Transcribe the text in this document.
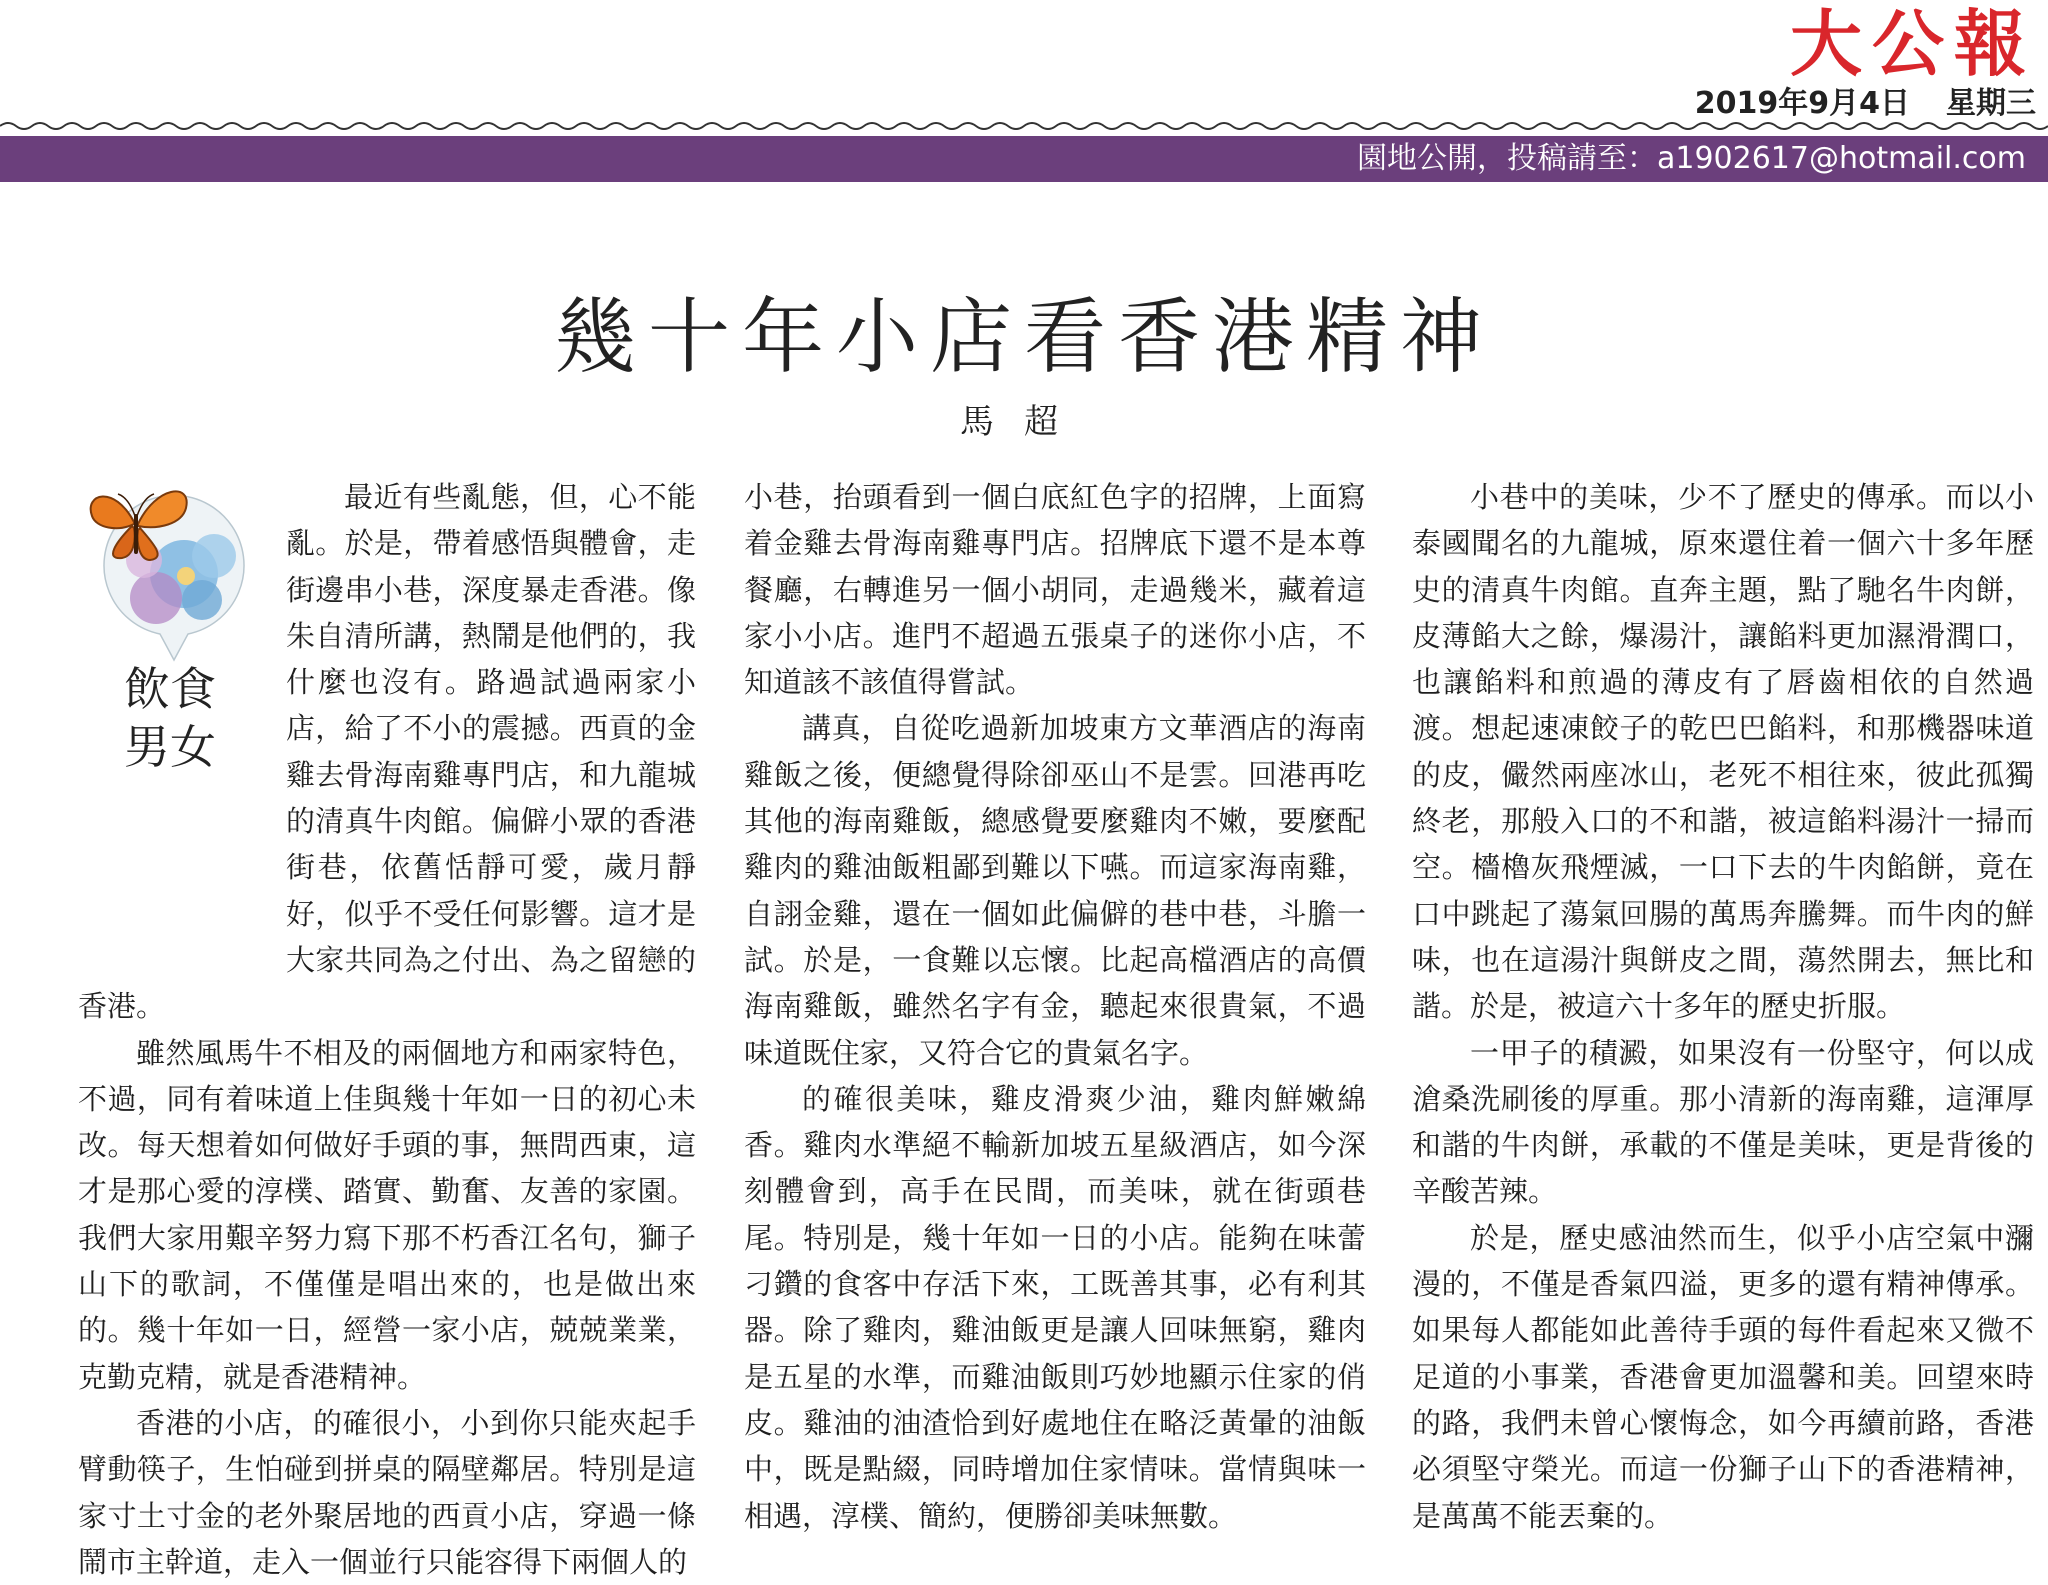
大公報
2019年9月4日 星期三
園地公開，投稿請至：a1902617@hotmail.com
幾十年小店看香港精神
馬超
飲食
男女

最近有些亂態，但，心不能亂。於是，帶着感悟與體會，走街邊串小巷，深度暴走香港。像朱自清所講，熱鬧是他們的，我什麼也沒有。路過試過兩家小店，給了不小的震撼。西貢的金雞去骨海南雞專門店，和九龍城的清真牛肉館。偏僻小眾的香港街巷，依舊恬靜可愛，歲月靜好，似乎不受任何影響。這才是大家共同為之付出、為之留戀的香港。

雖然風馬牛不相及的兩個地方和兩家特色，不過，同有着味道上佳與幾十年如一日的初心未改。每天想着如何做好手頭的事，無問西東，這才是那心愛的淳樸、踏實、勤奮、友善的家園。我們大家用艱辛努力寫下那不朽香江名句，獅子山下的歌詞，不僅僅是唱出來的，也是做出來的。幾十年如一日，經營一家小店，兢兢業業，克勤克精，就是香港精神。

香港的小店，的確很小，小到你只能夾起手臂動筷子，生怕碰到拼桌的隔壁鄰居。特別是這家寸土寸金的老外聚居地的西貢小店，穿過一條鬧市主幹道，走入一個並行只能容得下兩個人的

小巷，抬頭看到一個白底紅色字的招牌，上面寫着金雞去骨海南雞專門店。招牌底下還不是本尊餐廳，右轉進另一個小胡同，走過幾米，藏着這家小小店。進門不超過五張桌子的迷你小店，不知道該不該值得嘗試。

講真，自從吃過新加坡東方文華酒店的海南雞飯之後，便總覺得除卻巫山不是雲。回港再吃其他的海南雞飯，總感覺要麼雞肉不嫩，要麼配雞肉的雞油飯粗鄙到難以下嚥。而這家海南雞，自詡金雞，還在一個如此偏僻的巷中巷，斗膽一試。於是，一食難以忘懷。比起高檔酒店的高價海南雞飯，雖然名字有金，聽起來很貴氣，不過味道既住家，又符合它的貴氣名字。

的確很美味，雞皮滑爽少油，雞肉鮮嫩綿香。雞肉水準絕不輸新加坡五星級酒店，如今深刻體會到，高手在民間，而美味，就在街頭巷尾。特別是，幾十年如一日的小店。能夠在味蕾刁鑽的食客中存活下來，工既善其事，必有利其器。除了雞肉，雞油飯更是讓人回味無窮，雞肉是五星的水準，而雞油飯則巧妙地顯示住家的俏皮。雞油的油渣恰到好處地住在略泛黃暈的油飯中，既是點綴，同時增加住家情味。當情與味一相遇，淳樸、簡約，便勝卻美味無數。

小巷中的美味，少不了歷史的傳承。而以小泰國聞名的九龍城，原來還住着一個六十多年歷史的清真牛肉館。直奔主題，點了馳名牛肉餅，皮薄餡大之餘，爆湯汁，讓餡料更加濕滑潤口，也讓餡料和煎過的薄皮有了唇齒相依的自然過渡。想起速凍餃子的乾巴巴餡料，和那機器味道的皮，儼然兩座冰山，老死不相往來，彼此孤獨終老，那般入口的不和諧，被這餡料湯汁一掃而空。檣櫓灰飛煙滅，一口下去的牛肉餡餅，竟在口中跳起了蕩氣回腸的萬馬奔騰舞。而牛肉的鮮味，也在這湯汁與餅皮之間，蕩然開去，無比和諧。於是，被這六十多年的歷史折服。

一甲子的積澱，如果沒有一份堅守，何以成滄桑洗刷後的厚重。那小清新的海南雞，這渾厚和諧的牛肉餅，承載的不僅是美味，更是背後的辛酸苦辣。

於是，歷史感油然而生，似乎小店空氣中瀰漫的，不僅是香氣四溢，更多的還有精神傳承。如果每人都能如此善待手頭的每件看起來又微不足道的小事業，香港會更加溫馨和美。回望來時的路，我們未曾心懷悔念，如今再續前路，香港必須堅守榮光。而這一份獅子山下的香港精神，是萬萬不能丟棄的。
